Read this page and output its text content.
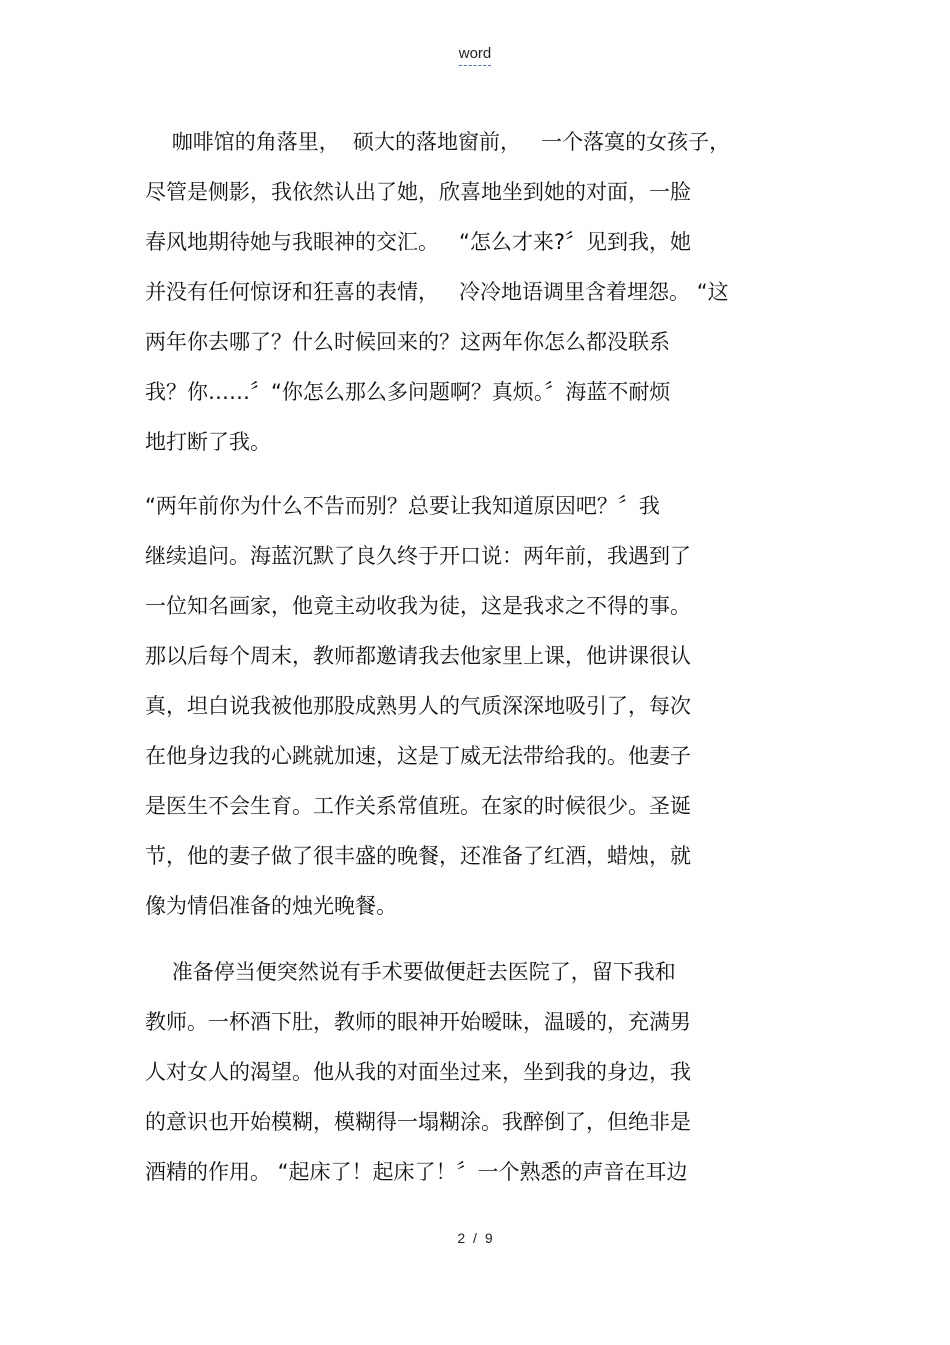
word
咖啡馆的角落里，  硕大的落地窗前，   一个落寞的女孩子，
尽管是侧影，我依然认出了她，欣喜地坐到她的对面，一脸
春风地期待她与我眼神的交汇。   “怎么才来?〞见到我，她
并没有任何惊讶和狂喜的表情，   冷冷地语调里含着埋怨。 “这
两年你去哪了？什么时候回来的？这两年你怎么都没联系
我？你……〞“你怎么那么多问题啊？真烦。〞海蓝不耐烦
地打断了我。
“两年前你为什么不告而别？总要让我知道原因吧？〞我
继续追问。海蓝沉默了良久终于开口说：两年前，我遇到了
一位知名画家，他竟主动收我为徒，这是我求之不得的事。
那以后每个周末，教师都邀请我去他家里上课，他讲课很认
真，坦白说我被他那股成熟男人的气质深深地吸引了，每次
在他身边我的心跳就加速，这是丁威无法带给我的。他妻子
是医生不会生育。工作关系常值班。在家的时候很少。圣诞
节，他的妻子做了很丰盛的晚餐，还准备了红酒，蜡烛，就
像为情侣准备的烛光晚餐。
准备停当便突然说有手术要做便赶去医院了，留下我和
教师。一杯酒下肚，教师的眼神开始暧昧，温暖的，充满男
人对女人的渴望。他从我的对面坐过来，坐到我的身边，我
的意识也开始模糊，模糊得一塌糊涂。我醉倒了，但绝非是
酒精的作用。 “起床了！起床了！〞一个熟悉的声音在耳边
2 / 9
